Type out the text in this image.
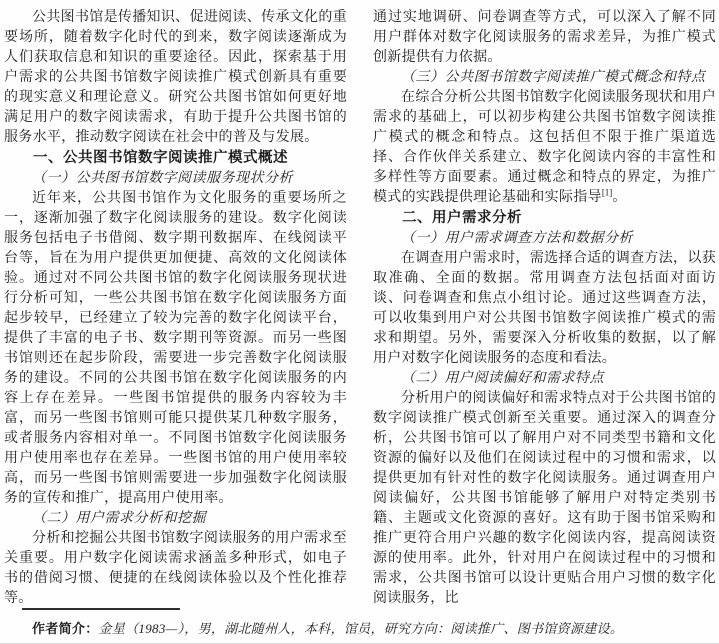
公共图书馆是传播知识、促进阅读、传承文化的重要场所，随着数字化时代的到来，数字阅读逐渐成为人们获取信息和知识的重要途径。因此，探索基于用户需求的公共图书馆数字阅读推广模式创新具有重要的现实意义和理论意义。研究公共图书馆如何更好地满足用户的数字阅读需求，有助于提升公共图书馆的服务水平，推动数字阅读在社会中的普及与发展。

一、公共图书馆数字阅读推广模式概述

（一）公共图书馆数字阅读服务现状分析

近年来，公共图书馆作为文化服务的重要场所之一，逐渐加强了数字化阅读服务的建设。数字化阅读服务包括电子书借阅、数字期刊数据库、在线阅读平台等，旨在为用户提供更加便捷、高效的文化阅读体验。通过对不同公共图书馆的数字化阅读服务现状进行分析可知，一些公共图书馆在数字化阅读服务方面起步较早，已经建立了较为完善的数字化阅读平台，提供了丰富的电子书、数字期刊等资源。而另一些图书馆则还在起步阶段，需要进一步完善数字化阅读服务的建设。不同的公共图书馆在数字化阅读服务的内容上存在差异。一些图书馆提供的服务内容较为丰富，而另一些图书馆则可能只提供某几种数字服务，或者服务内容相对单一。不同图书馆数字化阅读服务用户使用率也存在差异。一些图书馆的用户使用率较高，而另一些图书馆则需要进一步加强数字化阅读服务的宣传和推广，提高用户使用率。

（二）用户需求分析和挖掘

分析和挖掘公共图书馆数字阅读服务的用户需求至关重要。用户数字化阅读需求涵盖多种形式，如电子书的借阅习惯、便捷的在线阅读体验以及个性化推荐等。

通过实地调研、问卷调查等方式，可以深入了解不同用户群体对数字化阅读服务的需求差异，为推广模式创新提供有力依据。

（三）公共图书馆数字阅读推广模式概念和特点

在综合分析公共图书馆数字化阅读服务现状和用户需求的基础上，可以初步构建公共图书馆数字阅读推广模式的概念和特点。这包括但不限于推广渠道选择、合作伙伴关系建立、数字化阅读内容的丰富性和多样性等方面要素。通过概念和特点的界定，为推广模式的实践提供理论基础和实际指导[1]。

二、用户需求分析

（一）用户需求调查方法和数据分析

在调查用户需求时，需选择合适的调查方法，以获取准确、全面的数据。常用调查方法包括面对面访谈、问卷调查和焦点小组讨论。通过这些调查方法，可以收集到用户对公共图书馆数字阅读推广模式的需求和期望。另外，需要深入分析收集的数据，以了解用户对数字化阅读服务的态度和看法。

（二）用户阅读偏好和需求特点

分析用户的阅读偏好和需求特点对于公共图书馆的数字阅读推广模式创新至关重要。通过深入的调查分析，公共图书馆可以了解用户对不同类型书籍和文化资源的偏好以及他们在阅读过程中的习惯和需求，以提供更加有针对性的数字化阅读服务。通过调查用户阅读偏好，公共图书馆能够了解用户对特定类别书籍、主题或文化资源的喜好。这有助于图书馆采购和推广更符合用户兴趣的数字化阅读内容，提高阅读资源的使用率。此外，针对用户在阅读过程中的习惯和需求，公共图书馆可以设计更贴合用户习惯的数字化阅读服务，比

作者简介：金星（1983—），男，湖北随州人，本科，馆员，研究方向：阅读推广、图书馆资源建设。
